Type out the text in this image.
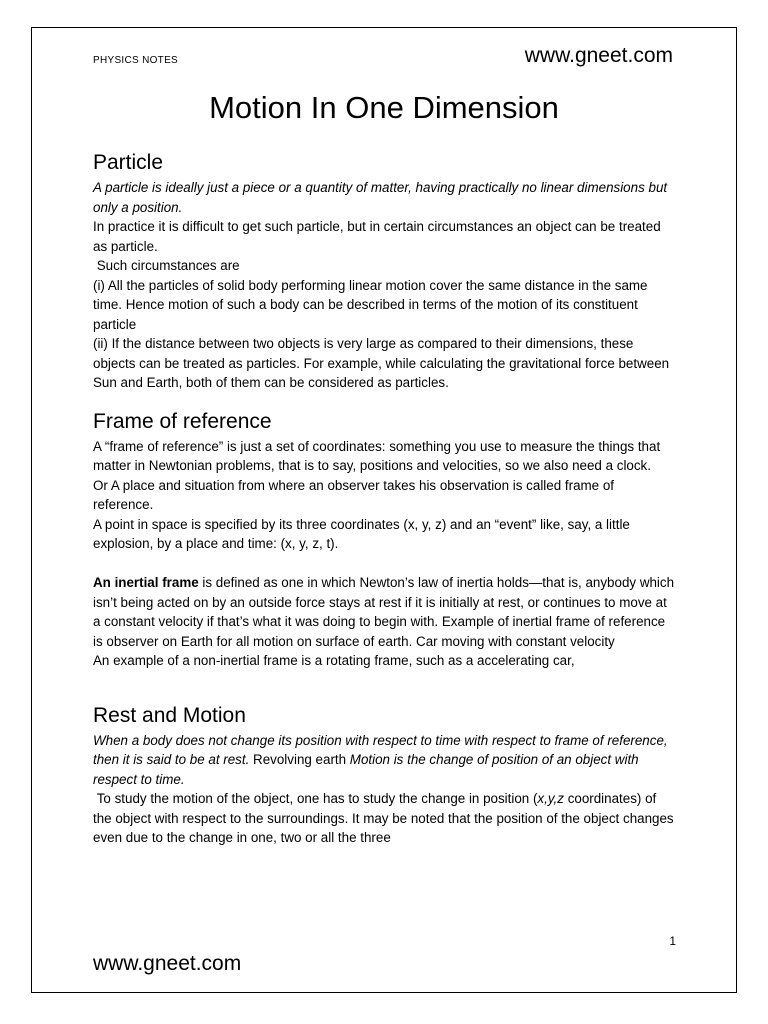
PHYSICS NOTES	www.gneet.com
Motion In One Dimension
Particle

A particle is ideally just a piece or a quantity of matter, having practically no linear dimensions but only a position.

In practice it is difficult to get such particle, but in certain circumstances an object can be treated as particle.

Such circumstances are

(i) All the particles of solid body performing linear motion cover the same distance in the same time. Hence motion of such a body can be described in terms of the motion of its constituent particle

(ii) If the distance between two objects is very large as compared to their dimensions, these objects can be treated as particles. For example, while calculating the gravitational force between Sun and Earth, both of them can be considered as particles.

Frame of reference

A “frame of reference” is just a set of coordinates: something you use to measure the things that matter in Newtonian problems, that is to say, positions and velocities, so we also need a clock.

Or A place and situation from where an observer takes his observation is called frame of reference.

A point in space is specified by its three coordinates (x, y, z) and an “event” like, say, a little explosion, by a place and time: (x, y, z, t).

An inertial frame is defined as one in which Newton’s law of inertia holds—that is, anybody which isn’t being acted on by an outside force stays at rest if it is initially at rest, or continues to move at a constant velocity if that’s what it was doing to begin with. Example of inertial frame of reference is observer on Earth for all motion on surface of earth. Car moving with constant velocity

An example of a non-inertial frame is a rotating frame, such as a accelerating car,

Rest and Motion

When a body does not change its position with respect to time with respect to frame of reference, then it is said to be at rest. Revolving earth Motion is the change of position of an object with respect to time.

To study the motion of the object, one has to study the change in position (x,y,z coordinates) of the object with respect to the surroundings. It may be noted that the position of the object changes even due to the change in one, two or all the three

1
www.gneet.com
